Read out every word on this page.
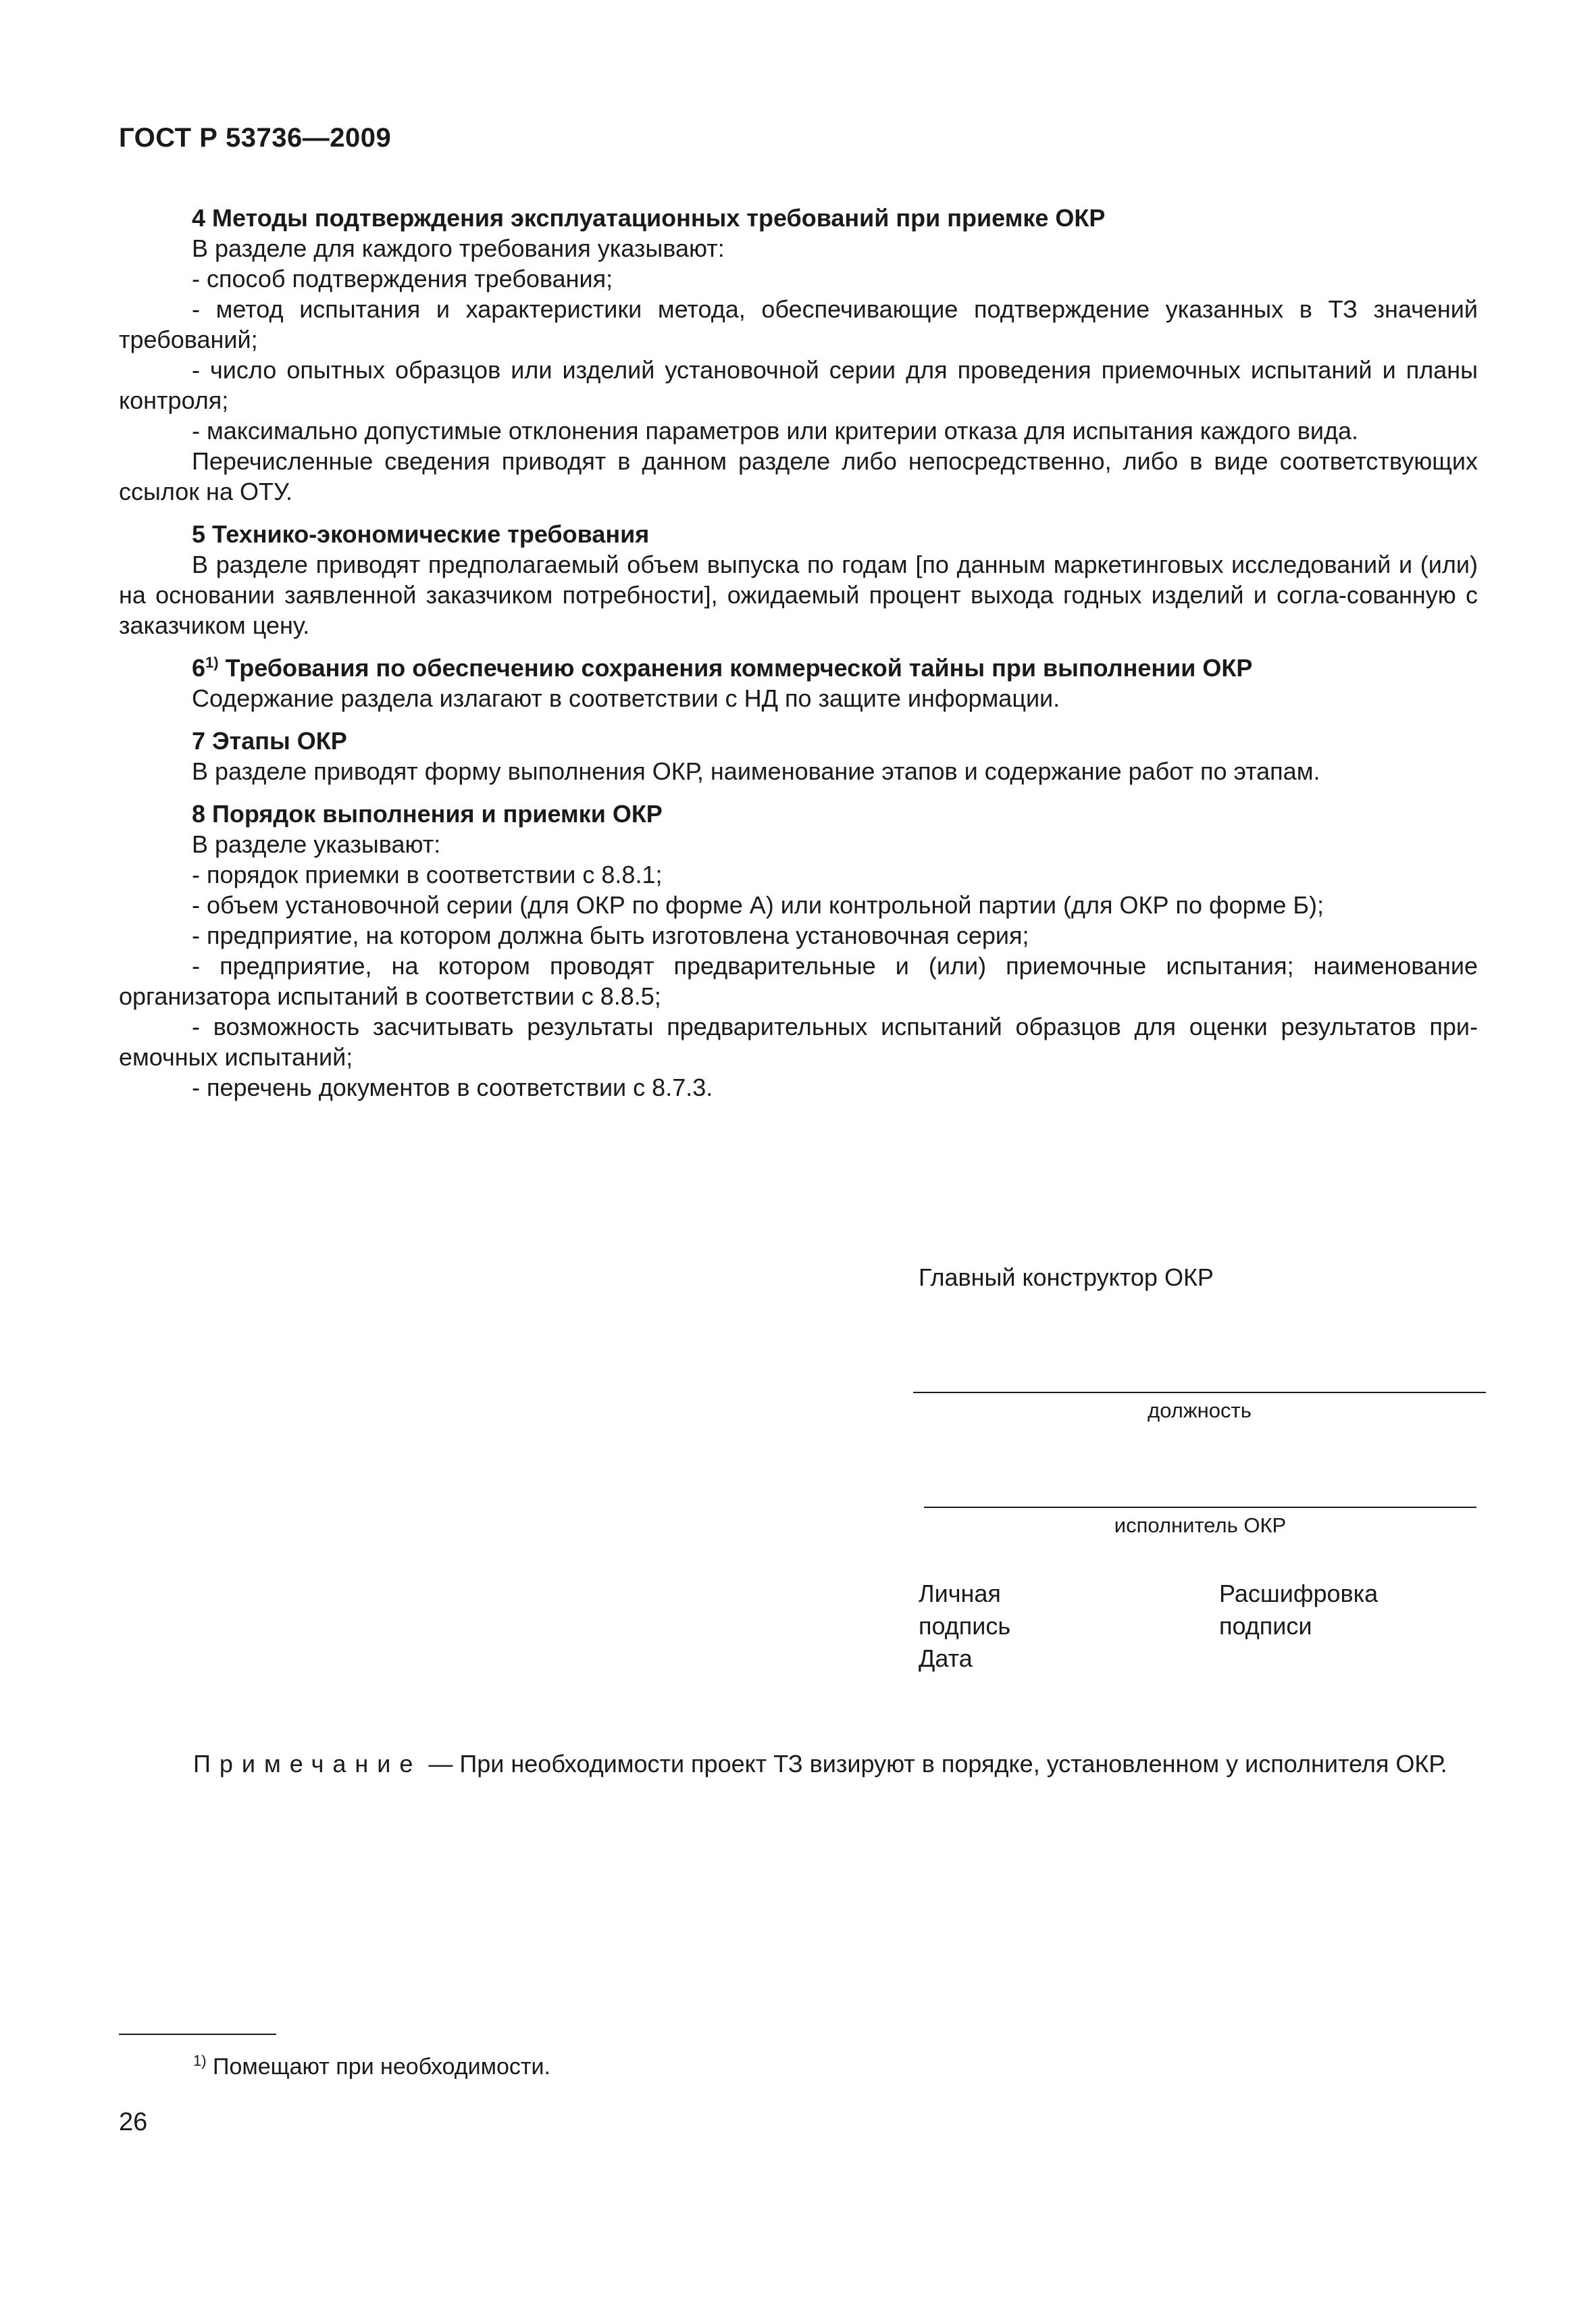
ГОСТ Р 53736—2009
4 Методы подтверждения эксплуатационных требований при приемке ОКР
В разделе для каждого требования указывают:
- способ подтверждения требования;
- метод испытания и характеристики метода, обеспечивающие подтверждение указанных в ТЗ значений требований;
- число опытных образцов или изделий установочной серии для проведения приемочных испытаний и планы контроля;
- максимально допустимые отклонения параметров или критерии отказа для испытания каждого вида.
Перечисленные сведения приводят в данном разделе либо непосредственно, либо в виде соответствующих ссылок на ОТУ.
5 Технико-экономические требования
В разделе приводят предполагаемый объем выпуска по годам [по данным маркетинговых исследований и (или) на основании заявленной заказчиком потребности], ожидаемый процент выхода годных изделий и согла-сованную с заказчиком цену.
6$^{1)}$ Требования по обеспечению сохранения коммерческой тайны при выполнении ОКР
Содержание раздела излагают в соответствии с НД по защите информации.
7 Этапы ОКР
В разделе приводят форму выполнения ОКР, наименование этапов и содержание работ по этапам.
8 Порядок выполнения и приемки ОКР
В разделе указывают:
- порядок приемки в соответствии с 8.8.1;
- объем установочной серии (для ОКР по форме А) или контрольной партии (для ОКР по форме Б);
- предприятие, на котором должна быть изготовлена установочная серия;
- предприятие, на котором проводят предварительные и (или) приемочные испытания; наименование организатора испытаний в соответствии с 8.8.5;
- возможность засчитывать результаты предварительных испытаний образцов для оценки результатов при-емочных испытаний;
- перечень документов в соответствии с 8.7.3.
Главный конструктор ОКР
должность
исполнитель ОКР
Личная
подпись
Дата
Расшифровка
подписи
Примечание — При необходимости проект ТЗ визируют в порядке, установленном у исполнителя ОКР.
$^{1)}$ Помещают при необходимости.
26
